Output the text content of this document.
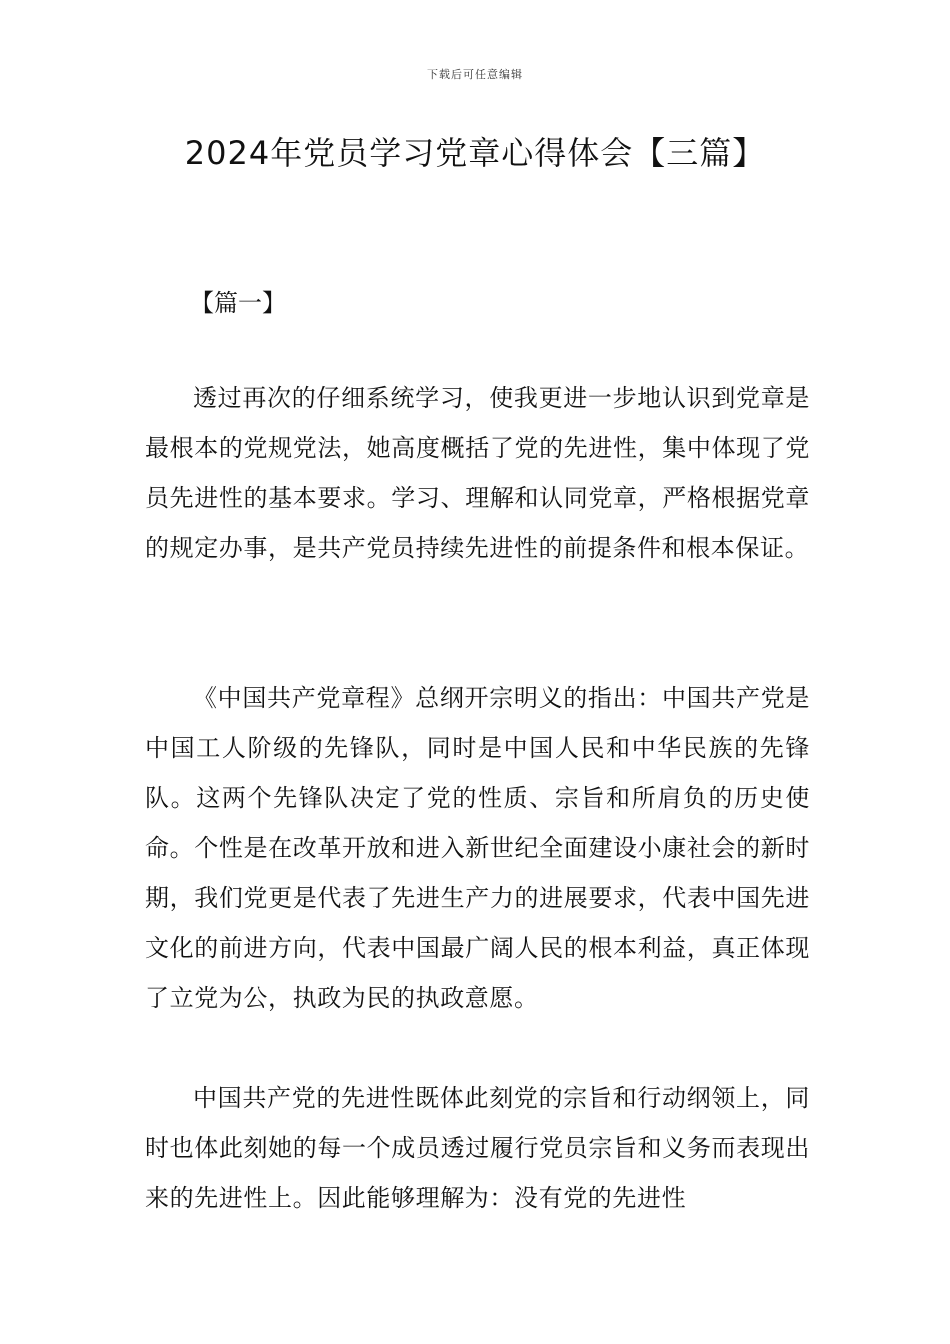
下载后可任意编辑
2024年党员学习党章心得体会【三篇】
【篇一】

透过再次的仔细系统学习，使我更进一步地认识到党章是最根本的党规党法，她高度概括了党的先进性，集中体现了党员先进性的基本要求。学习、理解和认同党章，严格根据党章的规定办事，是共产党员持续先进性的前提条件和根本保证。

《中国共产党章程》总纲开宗明义的指出：中国共产党是中国工人阶级的先锋队，同时是中国人民和中华民族的先锋队。这两个先锋队决定了党的性质、宗旨和所肩负的历史使命。个性是在改革开放和进入新世纪全面建设小康社会的新时期，我们党更是代表了先进生产力的进展要求，代表中国先进文化的前进方向，代表中国最广阔人民的根本利益，真正体现了立党为公，执政为民的执政意愿。

中国共产党的先进性既体此刻党的宗旨和行动纲领上，同时也体此刻她的每一个成员透过履行党员宗旨和义务而表现出来的先进性上。因此能够理解为：没有党的先进性
